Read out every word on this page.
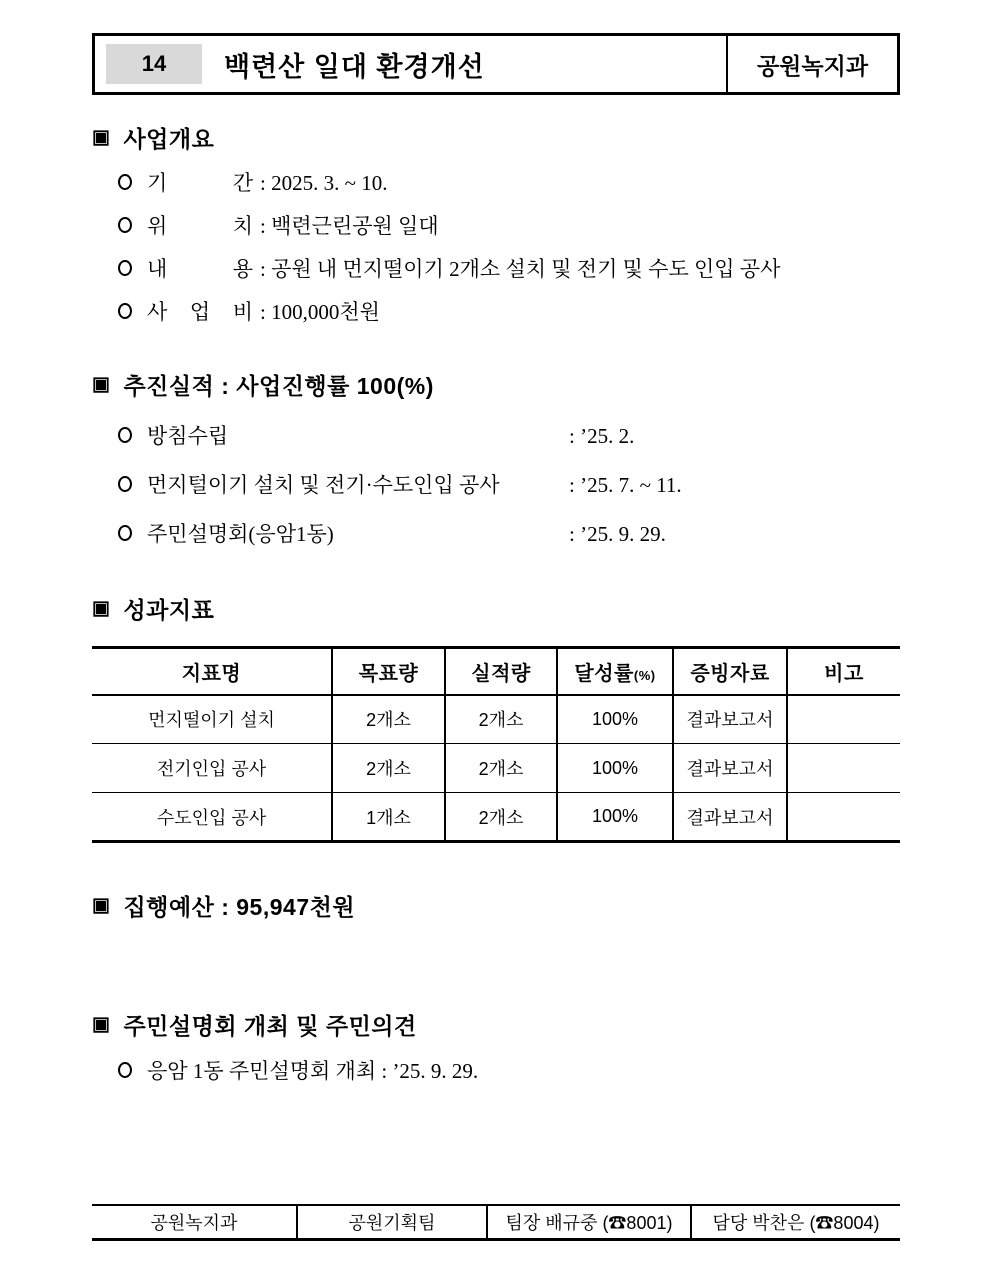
14	백련산 일대 환경개선	공원녹지과
▣ 사업개요
기 간 : 2025. 3. ~ 10.
위 치 : 백련근린공원 일대
내 용 : 공원 내 먼지떨이기 2개소 설치 및 전기 및 수도 인입 공사
사 업 비 : 100,000천원
▣ 추진실적 : 사업진행률 100(%)
방침수립	: ’25. 2.
먼지털이기 설치 및 전기·수도인입 공사	: ’25. 7. ~ 11.
주민설명회(응암1동)	: ’25. 9. 29.
▣ 성과지표
지표명	목표량	실적량	달성률(%)	증빙자료	비고
먼지떨이기 설치	2개소	2개소	100%	결과보고서	
전기인입 공사	2개소	2개소	100%	결과보고서	
수도인입 공사	1개소	2개소	100%	결과보고서	
▣ 집행예산 : 95,947천원
▣ 주민설명회 개최 및 주민의견
응암 1동 주민설명회 개최 : ’25. 9. 29.
공원녹지과	공원기획팀	팀장 배규중 (☎8001)	담당 박찬은 (☎8004)
